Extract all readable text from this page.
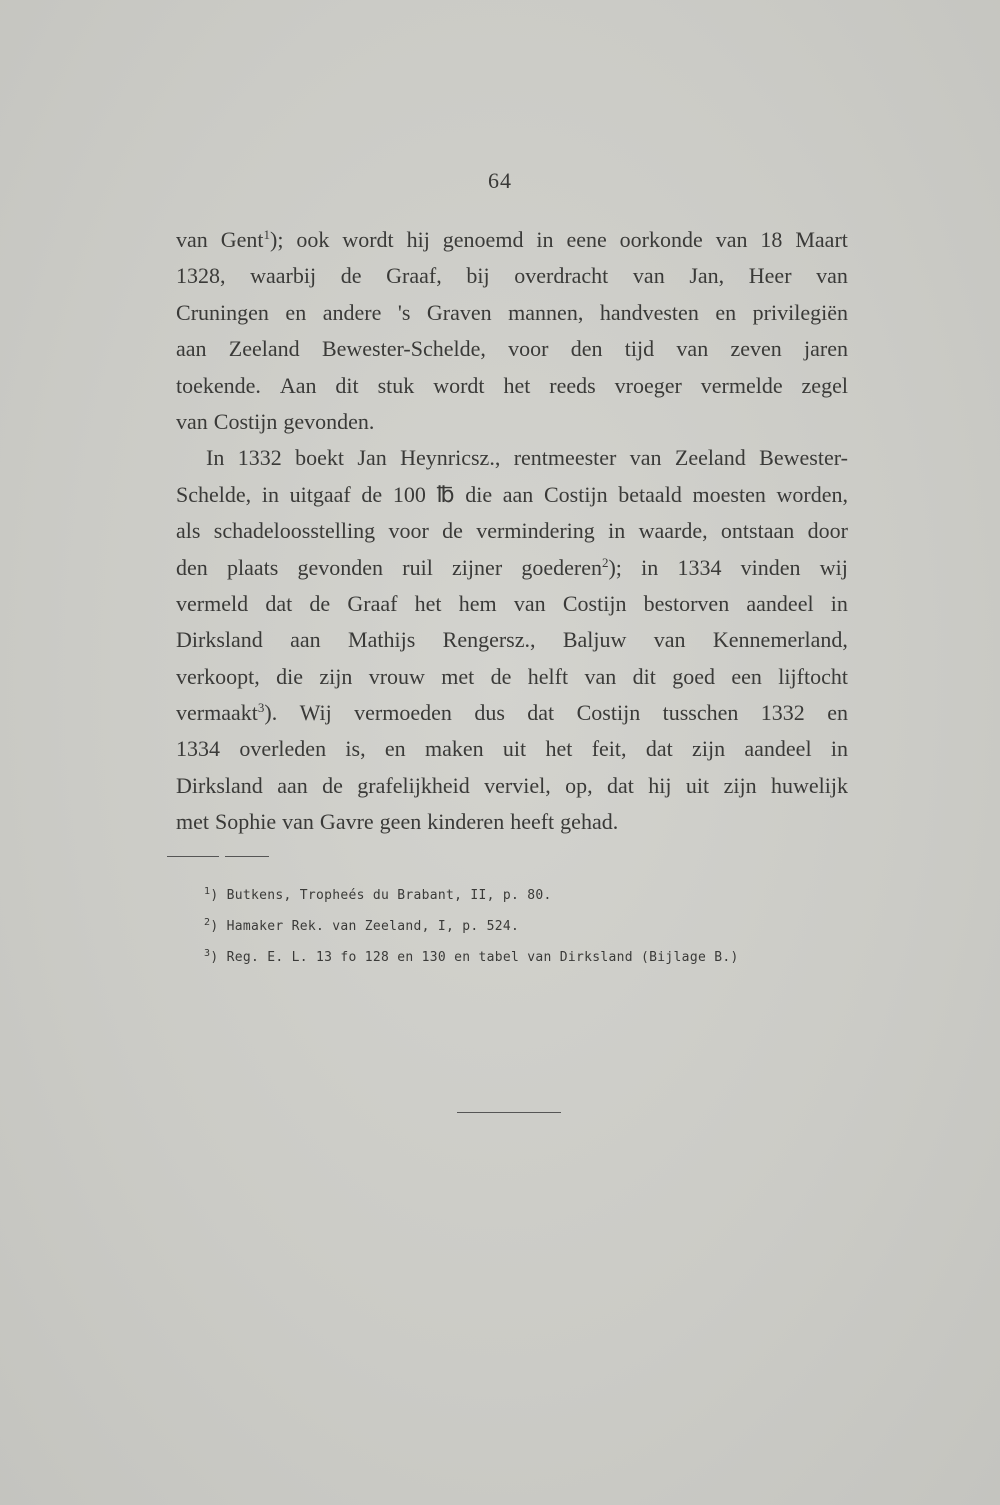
64
van Gent$^1$); ook wordt hij genoemd in eene oorkonde van 18 Maart
1328, waarbij de Graaf, bij overdracht van Jan, Heer van
Cruningen en andere 's Graven mannen, handvesten en privilegiën
aan Zeeland Bewester-Schelde, voor den tijd van zeven jaren
toekende. Aan dit stuk wordt het reeds vroeger vermelde zegel
van Costijn gevonden.
In 1332 boekt Jan Heynricsz., rentmeester van Zeeland Bewester-
Schelde, in uitgaaf de 100 ℔ die aan Costijn betaald moesten worden,
als schadeloosstelling voor de vermindering in waarde, ontstaan door
den plaats gevonden ruil zijner goederen$^2$); in 1334 vinden wij
vermeld dat de Graaf het hem van Costijn bestorven aandeel in
Dirksland aan Mathijs Rengersz., Baljuw van Kennemerland,
verkoopt, die zijn vrouw met de helft van dit goed een lijftocht
vermaakt$^3$). Wij vermoeden dus dat Costijn tusschen 1332 en
1334 overleden is, en maken uit het feit, dat zijn aandeel in
Dirksland aan de grafelijkheid verviel, op, dat hij uit zijn huwelijk
met Sophie van Gavre geen kinderen heeft gehad.
$^1$) Butkens, Tropheés du Brabant, II, p. 80.
$^2$) Hamaker Rek. van Zeeland, I, p. 524.
$^3$) Reg. E. L. 13 fo 128 en 130 en tabel van Dirksland (Bijlage B.)
